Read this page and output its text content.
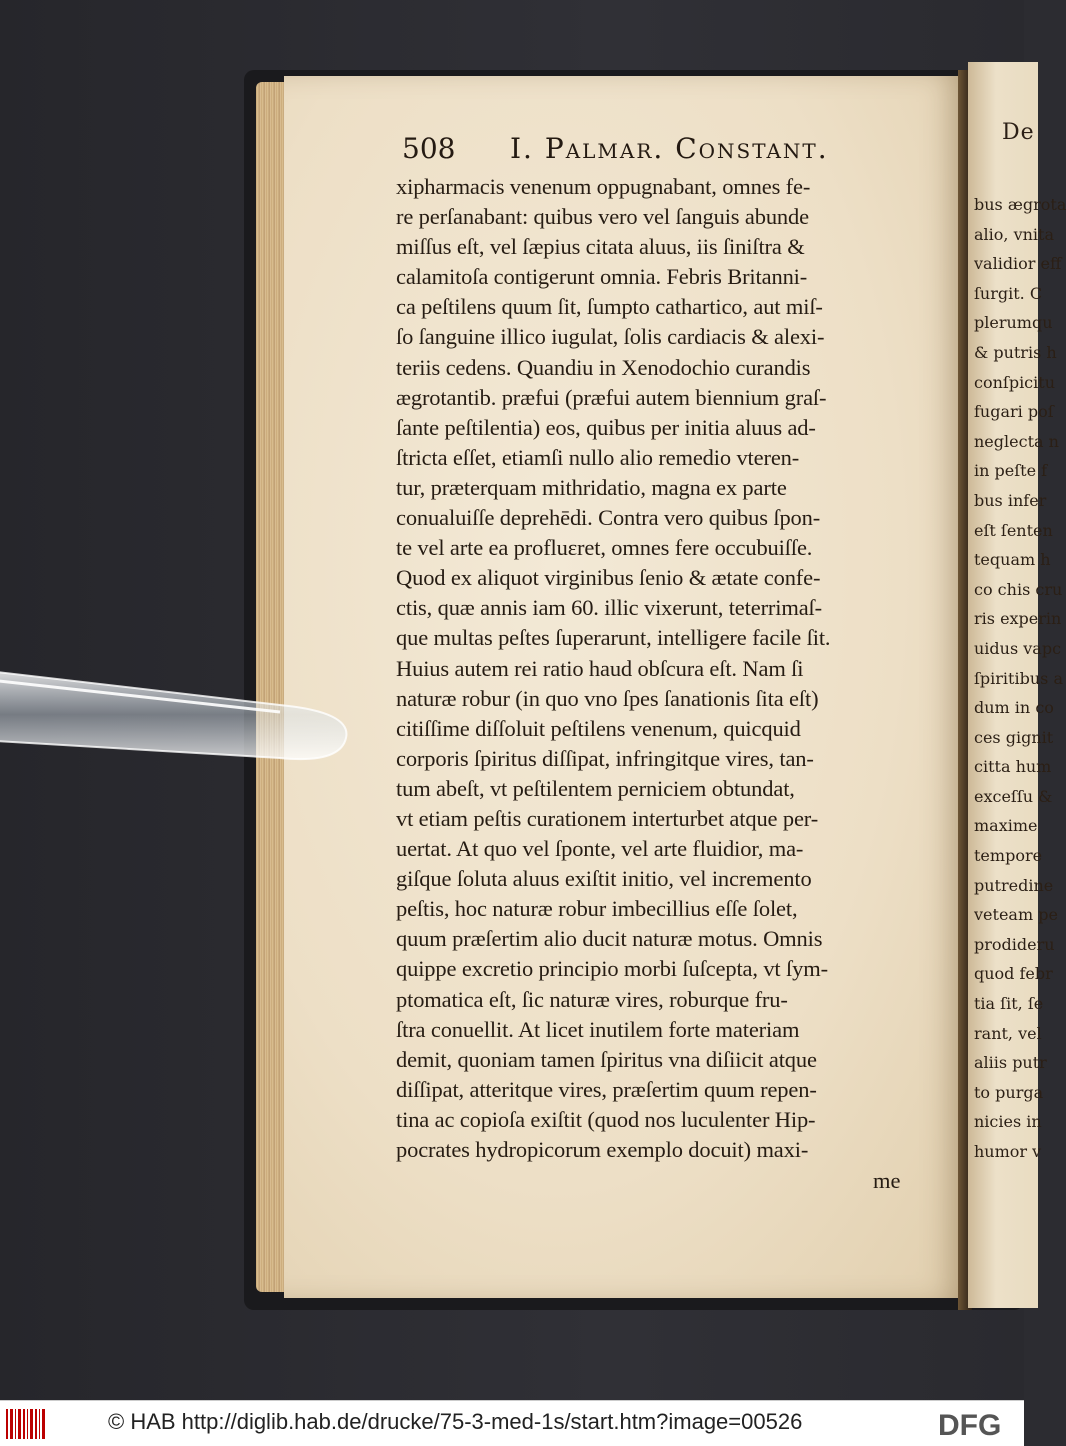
bus ægrota
alio, vnita
validior eff
ſurgit. C
plerumqu
& putris h
conſpicitu
fugari poſ
neglecta n
in peſte f
bus infer
eſt ſenten
tequam h
co chis cru
ris experin
uidus vapc
ſpiritibus a
dum in co
ces gignit
citta hum
exceſſu &
maxime
tempore
putredine
veteam pe
prodideru
quod febr
tia ſit, ſe
rant, vel
aliis putr
to purga
nicies in
humor v
De
508 I. Palmar. Constant.
xipharmacis venenum oppugnabant, omnes fe-
re perſanabant: quibus vero vel ſanguis abunde
miſſus eſt, vel ſæpius citata aluus, iis ſiniſtra &
calamitoſa contigerunt omnia. Febris Britanni-
ca peſtilens quum ſit, ſumpto cathartico, aut miſ-
ſo ſanguine illico iugulat, ſolis cardiacis & alexi-
teriis cedens. Quandiu in Xenodochio curandis
ægrotantib. præfui (præfui autem biennium graſ-
ſante peſtilentia) eos, quibus per initia aluus ad-
ſtricta eſſet, etiamſi nullo alio remedio vteren-
tur, præterquam mithridatio, magna ex parte
conualuiſſe deprehēdi. Contra vero quibus ſpon-
te vel arte ea profluεret, omnes fere occubuiſſe.
Quod ex aliquot virginibus ſenio & ætate confe-
ctis, quæ annis iam 60. illic vixerunt, teterrimaſ-
que multas peſtes ſuperarunt, intelligere facile ſit.
Huius autem rei ratio haud obſcura eſt. Nam ſi
naturæ robur (in quo vno ſpes ſanationis ſita eſt)
citiſſime diſſoluit peſtilens venenum, quicquid
corporis ſpiritus diſſipat, infringitque vires, tan-
tum abeſt, vt peſtilentem perniciem obtundat,
vt etiam peſtis curationem interturbet atque per-
uertat. At quo vel ſponte, vel arte fluidior, ma-
giſque ſoluta aluus exiſtit initio, vel incremento
peſtis, hoc naturæ robur imbecillius eſſe ſolet,
quum præſertim alio ducit naturæ motus. Omnis
quippe excretio principio morbi ſuſcepta, vt ſym-
ptomatica eſt, ſic naturæ vires, roburque fru-
ſtra conuellit. At licet inutilem forte materiam
demit, quoniam tamen ſpiritus vna diſiicit atque
diſſipat, atteritque vires, præſertim quum repen-
tina ac copioſa exiſtit (quod nos luculenter Hip-
pocrates hydropicorum exemplo docuit) maxi-
me
© HAB http://diglib.hab.de/drucke/75-3-med-1s/start.htm?image=00526	DFG
